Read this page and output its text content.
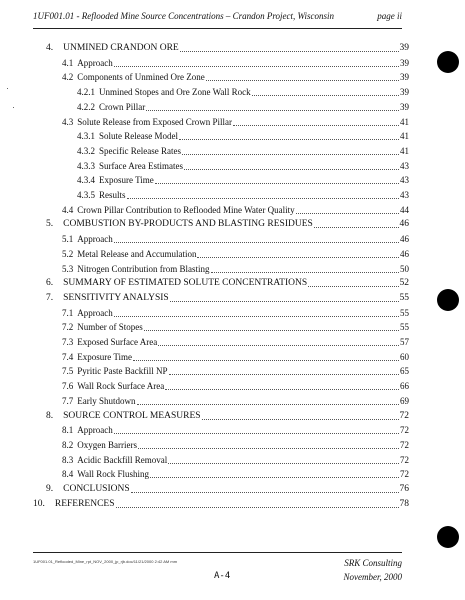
1UF001.01 - Reflooded Mine Source Concentrations – Crandon Project, Wisconsin	page ii
4. UNMINED CRANDON ORE	39
4.1 Approach	39
4.2 Components of Unmined Ore Zone	39
4.2.1 Unmined Stopes and Ore Zone Wall Rock	39
4.2.2 Crown Pillar	39
4.3 Solute Release from Exposed Crown Pillar	41
4.3.1 Solute Release Model	41
4.3.2 Specific Release Rates	41
4.3.3 Surface Area Estimates	43
4.3.4 Exposure Time	43
4.3.5 Results	43
4.4 Crown Pillar Contribution to Reflooded Mine Water Quality	44
5. COMBUSTION BY-PRODUCTS AND BLASTING RESIDUES	46
5.1 Approach	46
5.2 Metal Release and Accumulation	46
5.3 Nitrogen Contribution from Blasting	50
6. SUMMARY OF ESTIMATED SOLUTE CONCENTRATIONS	52
7. SENSITIVITY ANALYSIS	55
7.1 Approach	55
7.2 Number of Stopes	55
7.3 Exposed Surface Area	57
7.4 Exposure Time	60
7.5 Pyritic Paste Backfill NP	65
7.6 Wall Rock Surface Area	66
7.7 Early Shutdown	69
8. SOURCE CONTROL MEASURES	72
8.1 Approach	72
8.2 Oxygen Barriers	72
8.3 Acidic Backfill Removal	72
8.4 Wall Rock Flushing	72
9. CONCLUSIONS	76
10. REFERENCES	78
1UF001.01_Reflooded_Mine_rpt_NOV_2000_jp_rjb.doc/11/21/2000 2:42 AM mm	SRK Consulting
November, 2000
A-4
